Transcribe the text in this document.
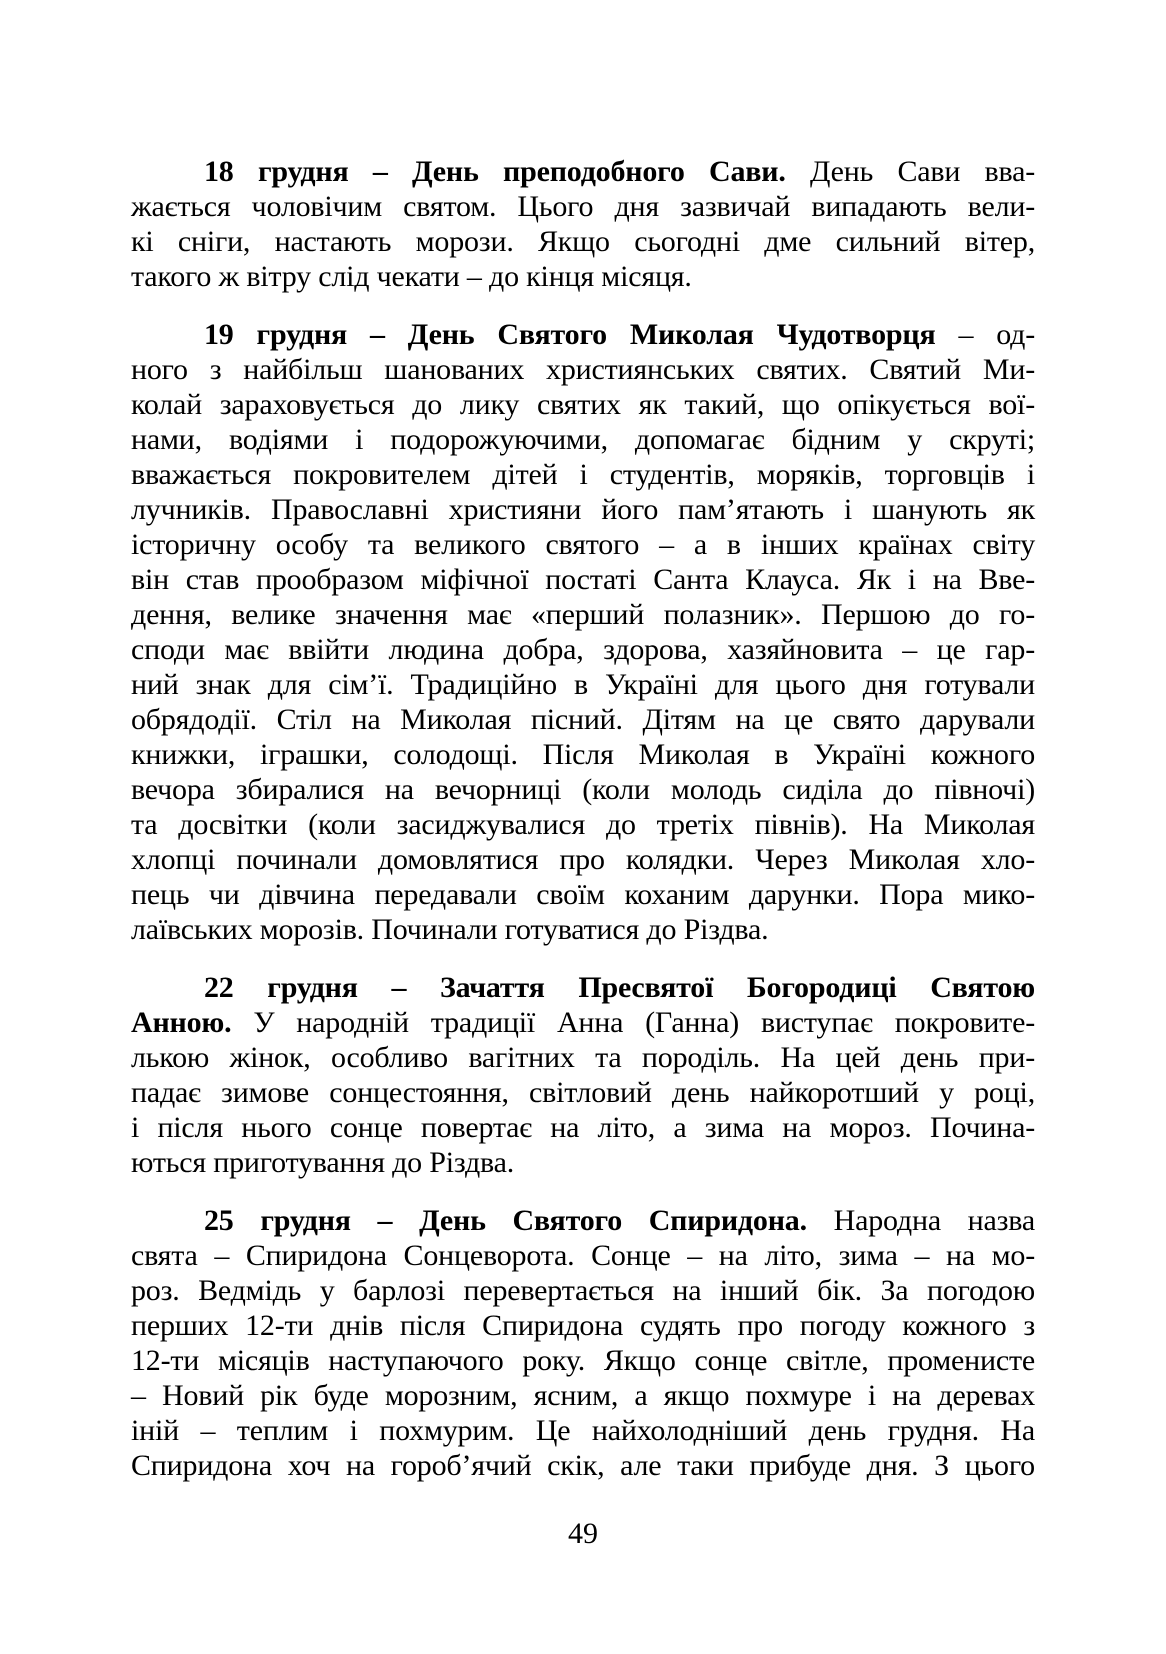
18 грудня – День преподобного Сави. День Сави вва-
жається чоловічим святом. Цього дня зазвичай випадають вели-
кі сніги, настають морози. Якщо сьогодні дме сильний вітер,
такого ж вітру слід чекати – до кінця місяця.
19 грудня – День Святого Миколая Чудотворця – од-
ного з найбільш шанованих християнських святих. Святий Ми-
колай зараховується до лику святих як такий, що опікується вої-
нами, водіями і подорожуючими, допомагає бідним у скруті;
вважається покровителем дітей і студентів, моряків, торговців і
лучників. Православні християни його пам’ятають і шанують як
історичну особу та великого святого – а в інших країнах світу
він став прообразом міфічної постаті Санта Клауса. Як і на Вве-
дення, велике значення має «перший полазник». Першою до го-
споди має ввійти людина добра, здорова, хазяйновита – це гар-
ний знак для сім’ї. Традиційно в Україні для цього дня готували
обрядодії. Стіл на Миколая пісний. Дітям на це свято дарували
книжки, іграшки, солодощі. Після Миколая в Україні кожного
вечора збиралися на вечорниці (коли молодь сиділа до півночі)
та досвітки (коли засиджувалися до третіх півнів). На Миколая
хлопці починали домовлятися про колядки. Через Миколая хло-
пець чи дівчина передавали своїм коханим дарунки. Пора мико-
лаївських морозів. Починали готуватися до Різдва.
22 грудня – Зачаття Пресвятої Богородиці Святою
Анною. У народній традиції Анна (Ганна) виступає покровите-
лькою жінок, особливо вагітних та породіль. На цей день при-
падає зимове сонцестояння, світловий день найкоротший у році,
і після нього сонце повертає на літо, а зима на мороз. Почина-
ються приготування до Різдва.
25 грудня – День Святого Спиридона. Народна назва
свята – Спиридона Сонцеворота. Сонце – на літо, зима – на мо-
роз. Ведмідь у барлозі перевертається на інший бік. За погодою
перших 12-ти днів після Спиридона судять про погоду кожного з
12-ти місяців наступаючого року. Якщо сонце світле, променисте
– Новий рік буде морозним, ясним, а якщо похмуре і на деревах
іній – теплим і похмурим. Це найхолодніший день грудня. На
Спиридона хоч на гороб’ячий скік, але таки прибуде дня. З цього
49
